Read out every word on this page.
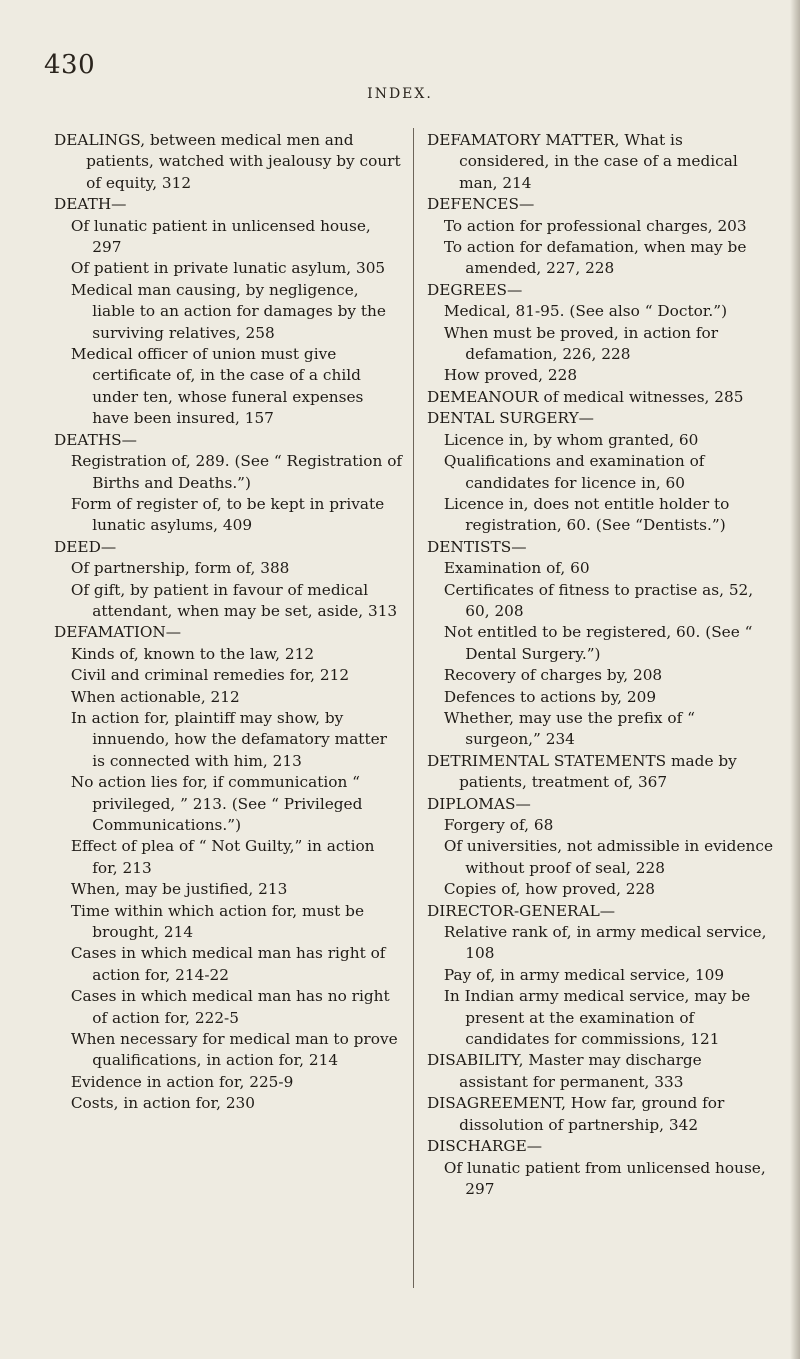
430
INDEX.

DEALINGS, between medical men and patients, watched with jealousy by court of equity, 312

DEATH—

Of lunatic patient in unlicensed house, 297

Of patient in private lunatic asylum, 305

Medical man causing, by negligence, liable to an action for damages by the surviving relatives, 258

Medical officer of union must give certificate of, in the case of a child under ten, whose funeral expenses have been insured, 157

DEATHS—

Registration of, 289. (See “ Registration of Births and Deaths.”)

Form of register of, to be kept in private lunatic asylums, 409

DEED—

Of partnership, form of, 388

Of gift, by patient in favour of medical attendant, when may be set, aside, 313

DEFAMATION—

Kinds of, known to the law, 212

Civil and criminal remedies for, 212

When actionable, 212

In action for, plaintiff may show, by innuendo, how the defamatory matter is connected with him, 213

No action lies for, if communication “ privileged, ” 213. (See “ Privileged Communications.”)

Effect of plea of “ Not Guilty,” in action for, 213

When, may be justified, 213

Time within which action for, must be brought, 214

Cases in which medical man has right of action for, 214-22

Cases in which medical man has no right of action for, 222-5

When necessary for medical man to prove qualifications, in action for, 214

Evidence in action for, 225-9

Costs, in action for, 230

DEFAMATORY MATTER, What is considered, in the case of a medical man, 214

DEFENCES—

To action for professional charges, 203

To action for defamation, when may be amended, 227, 228

DEGREES—

Medical, 81-95. (See also “ Doctor.”)

When must be proved, in action for defamation, 226, 228

How proved, 228

DEMEANOUR of medical witnesses, 285

DENTAL SURGERY—

Licence in, by whom granted, 60

Qualifications and examination of candidates for licence in, 60

Licence in, does not entitle holder to registration, 60. (See “Dentists.”)

DENTISTS—

Examination of, 60

Certificates of fitness to practise as, 52, 60, 208

Not entitled to be registered, 60. (See “ Dental Surgery.”)

Recovery of charges by, 208

Defences to actions by, 209

Whether, may use the prefix of “ surgeon,” 234

DETRIMENTAL STATEMENTS made by patients, treatment of, 367

DIPLOMAS—

Forgery of, 68

Of universities, not admissible in evidence without proof of seal, 228

Copies of, how proved, 228

DIRECTOR-GENERAL—

Relative rank of, in army medical service, 108

Pay of, in army medical service, 109

In Indian army medical service, may be present at the examination of candidates for commissions, 121

DISABILITY, Master may discharge assistant for permanent, 333

DISAGREEMENT, How far, ground for dissolution of partnership, 342

DISCHARGE—

Of lunatic patient from unlicensed house, 297
